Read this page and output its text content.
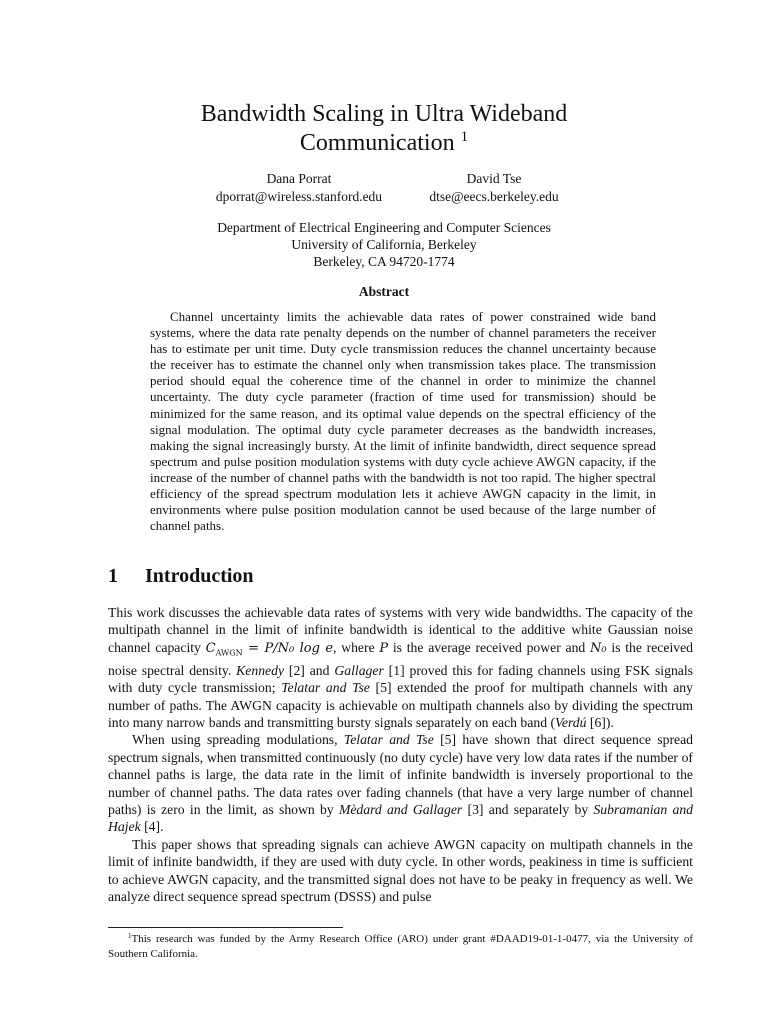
Bandwidth Scaling in Ultra Wideband
Communication $^1$
Dana Porrat
dporrat@wireless.stanford.edu
David Tse
dtse@eecs.berkeley.edu
Department of Electrical Engineering and Computer Sciences
University of California, Berkeley
Berkeley, CA 94720-1774
Abstract
Channel uncertainty limits the achievable data rates of power constrained wide band systems, where the data rate penalty depends on the number of channel parameters the receiver has to estimate per unit time. Duty cycle transmission reduces the channel uncertainty because the receiver has to estimate the channel only when transmission takes place. The transmission period should equal the coherence time of the channel in order to minimize the channel uncertainty. The duty cycle parameter (fraction of time used for transmission) should be minimized for the same reason, and its optimal value depends on the spectral efficiency of the signal modulation. The optimal duty cycle parameter decreases as the bandwidth increases, making the signal increasingly bursty. At the limit of infinite bandwidth, direct sequence spread spectrum and pulse position modulation systems with duty cycle achieve AWGN capacity, if the increase of the number of channel paths with the bandwidth is not too rapid. The higher spectral efficiency of the spread spectrum modulation lets it achieve AWGN capacity in the limit, in environments where pulse position modulation cannot be used because of the large number of channel paths.
1 Introduction

This work discusses the achievable data rates of systems with very wide bandwidths. The capacity of the multipath channel in the limit of infinite bandwidth is identical to the additive white Gaussian noise channel capacity $C_{AWGN} = P/N_0$ log e, where P is the average received power and N₀ is the received noise spectral density. Kennedy [2] and Gallager [1] proved this for fading channels using FSK signals with duty cycle transmission; Telatar and Tse [5] extended the proof for multipath channels with any number of paths. The AWGN capacity is achievable on multipath channels also by dividing the spectrum into many narrow bands and transmitting bursty signals separately on each band (Verdú [6]).

When using spreading modulations, Telatar and Tse [5] have shown that direct sequence spread spectrum signals, when transmitted continuously (no duty cycle) have very low data rates if the number of channel paths is large, the data rate in the limit of infinite bandwidth is inversely proportional to the number of channel paths. The data rates over fading channels (that have a very large number of channel paths) is zero in the limit, as shown by Mèdard and Gallager [3] and separately by Subramanian and Hajek [4].

This paper shows that spreading signals can achieve AWGN capacity on multipath channels in the limit of infinite bandwidth, if they are used with duty cycle. In other words, peakiness in time is sufficient to achieve AWGN capacity, and the transmitted signal does not have to be peaky in frequency as well. We analyze direct sequence spread spectrum (DSSS) and pulse

$^1$This research was funded by the Army Research Office (ARO) under grant #DAAD19-01-1-0477, via the University of Southern California.
